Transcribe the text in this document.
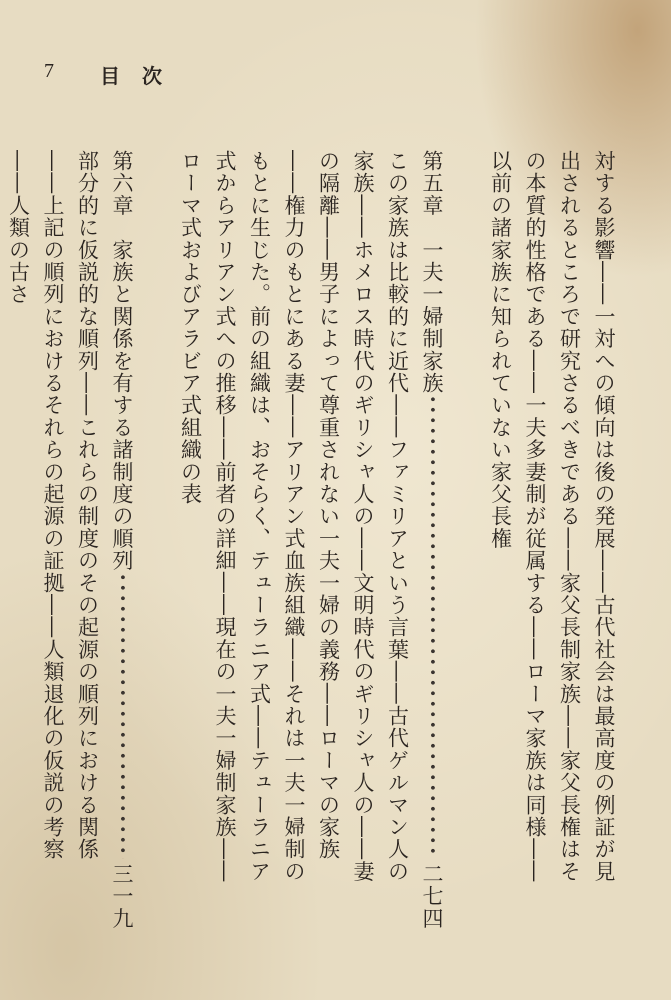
7 目次
対する影響――一対への傾向は後の発展――古代社会は最高度の例証が見
出されるところで研究さるべきである――家父長制家族――家父長権はそ
の本質的性格である――一夫多妻制が従属する――ローマ家族は同様――
以前の諸家族に知られていない家父長権
第五章　一夫一婦制家族
･･･････････････････････････････････････････････････････････････････････････････････････････････････････････
二七四
この家族は比較的に近代――ファミリアという言葉――古代ゲルマン人の
家族――ホメロス時代のギリシャ人の――文明時代のギリシャ人の――妻
の隔離――男子によって尊重されない一夫一婦の義務――ローマの家族
――権力のもとにある妻――アリアン式血族組織――それは一夫一婦制の
もとに生じた。前の組織は、おそらく、テューラニア式――テューラニア
式からアリアン式への推移――前者の詳細――現在の一夫一婦制家族――
ローマ式およびアラビア式組織の表
第六章　家族と関係を有する諸制度の順列
･･･････････････････････････････････････････････････････････････････････････････････････････････････････････
三一九
部分的に仮説的な順列――これらの制度のその起源の順列における関係
――上記の順列におけるそれらの起源の証拠――人類退化の仮説の考察
――人類の古さ
